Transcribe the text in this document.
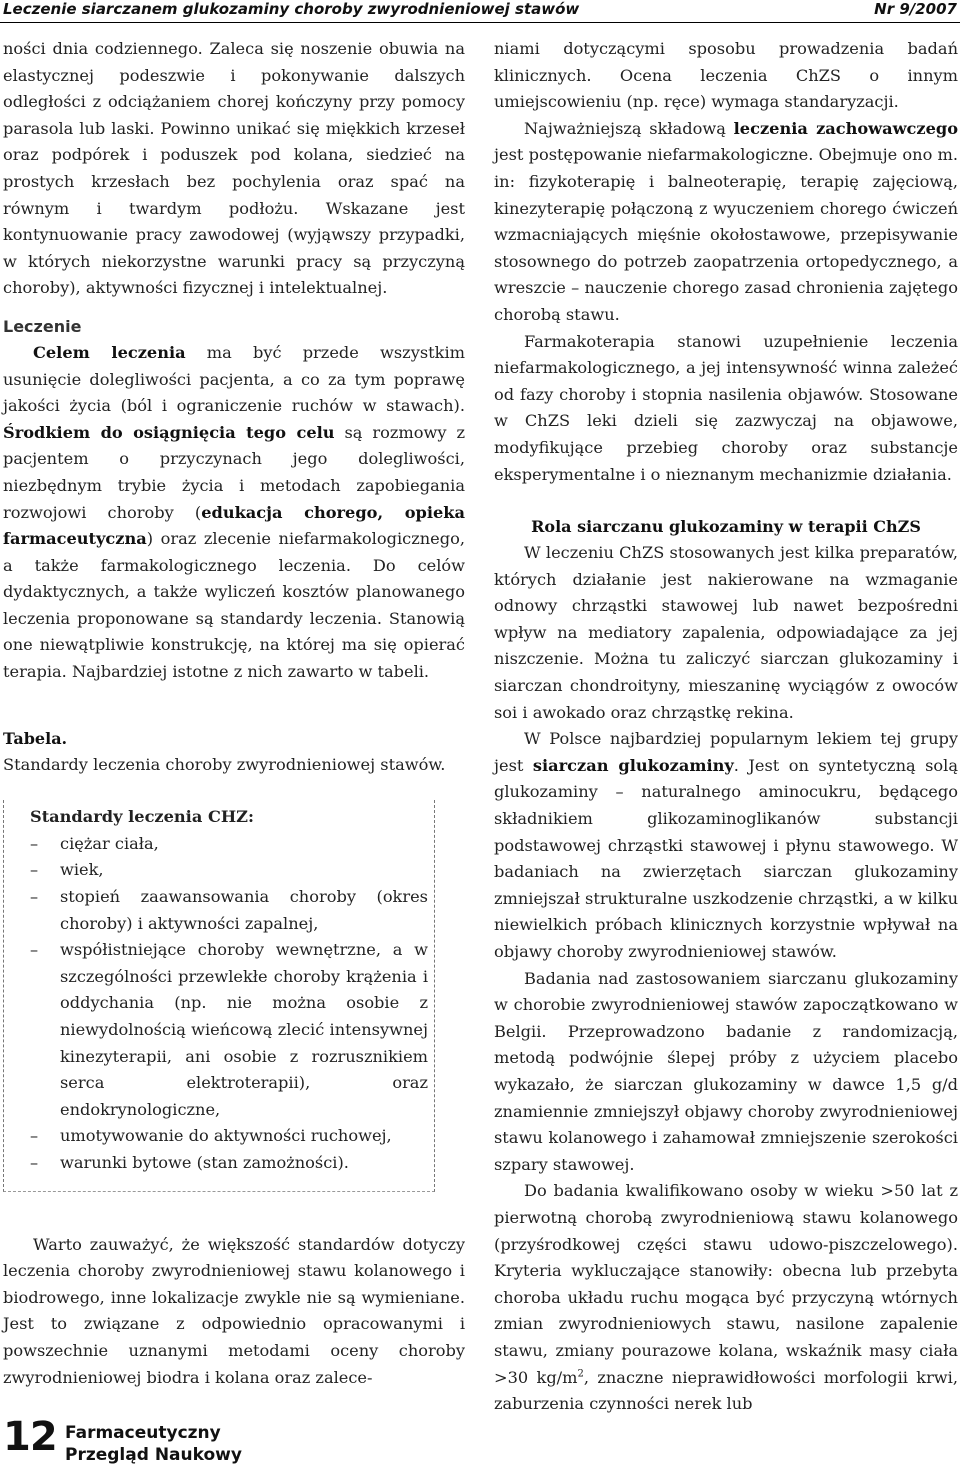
Leczenie siarczanem glukozaminy choroby zwyrodnieniowej stawów	Nr 9/2007

ności dnia codziennego. Zaleca się noszenie obuwia na elastycznej podeszwie i pokonywanie dalszych odległości z odciążaniem chorej kończyny przy pomocy parasola lub laski. Powinno unikać się miękkich krzeseł oraz podpórek i poduszek pod kolana, siedzieć na prostych krzesłach bez pochylenia oraz spać na równym i twardym podłożu. Wskazane jest kontynuowanie pracy zawodowej (wyjąwszy przypadki, w których niekorzystne warunki pracy są przyczyną choroby), aktywności fizycznej i intelektualnej.

Leczenie

Celem leczenia ma być przede wszystkim usunięcie dolegliwości pacjenta, a co za tym poprawę jakości życia (ból i ograniczenie ruchów w stawach). Środkiem do osiągnięcia tego celu są rozmowy z pacjentem o przyczynach jego dolegliwości, niezbędnym trybie życia i metodach zapobiegania rozwojowi choroby (edukacja chorego, opieka farmaceutyczna) oraz zlecenie niefarmakologicznego, a także farmakologicznego leczenia. Do celów dydaktycznych, a także wyliczeń kosztów planowanego leczenia proponowane są standardy leczenia. Stanowią one niewątpliwie konstrukcję, na której ma się opierać terapia. Najbardziej istotne z nich zawarto w tabeli.

Tabela.

Standardy leczenia choroby zwyrodnieniowej stawów.

Standardy leczenia CHZ:
– ciężar ciała,
– wiek,
– stopień zaawansowania choroby (okres choroby) i aktywności zapalnej,
– współistniejące choroby wewnętrzne, a w szczególności przewlekłe choroby krążenia i oddychania (np. nie można osobie z niewydolnością wieńcową zlecić intensywnej kinezyterapii, ani osobie z rozrusznikiem serca elektroterapii), oraz endokrynologiczne,
– umotywowanie do aktywności ruchowej,
– warunki bytowe (stan zamożności).

Warto zauważyć, że większość standardów dotyczy leczenia choroby zwyrodnieniowej stawu kolanowego i biodrowego, inne lokalizacje zwykle nie są wymieniane. Jest to związane z odpowiednio opracowanymi i powszechnie uznanymi metodami oceny choroby zwyrodnieniowej biodra i kolana oraz zalece-

niami dotyczącymi sposobu prowadzenia badań klinicznych. Ocena leczenia ChZS o innym umiejscowieniu (np. ręce) wymaga standaryzacji.

Najważniejszą składową leczenia zachowawczego jest postępowanie niefarmakologiczne. Obejmuje ono m. in: fizykoterapię i balneoterapię, terapię zajęciową, kinezyterapię połączoną z wyuczeniem chorego ćwiczeń wzmacniających mięśnie okołostawowe, przepisywanie stosownego do potrzeb zaopatrzenia ortopedycznego, a wreszcie – nauczenie chorego zasad chronienia zajętego chorobą stawu.

Farmakoterapia stanowi uzupełnienie leczenia niefarmakologicznego, a jej intensywność winna zależeć od fazy choroby i stopnia nasilenia objawów. Stosowane w ChZS leki dzieli się zazwyczaj na objawowe, modyfikujące przebieg choroby oraz substancje eksperymentalne i o nieznanym mechanizmie działania.

Rola siarczanu glukozaminy w terapii ChZS

W leczeniu ChZS stosowanych jest kilka preparatów, których działanie jest nakierowane na wzmaganie odnowy chrząstki stawowej lub nawet bezpośredni wpływ na mediatory zapalenia, odpowiadające za jej niszczenie. Można tu zaliczyć siarczan glukozaminy i siarczan chondroityny, mieszaninę wyciągów z owoców soi i awokado oraz chrząstkę rekina.

W Polsce najbardziej popularnym lekiem tej grupy jest siarczan glukozaminy. Jest on syntetyczną solą glukozaminy – naturalnego aminocukru, będącego składnikiem glikozaminoglikanów substancji podstawowej chrząstki stawowej i płynu stawowego. W badaniach na zwierzętach siarczan glukozaminy zmniejszał strukturalne uszkodzenie chrząstki, a w kilku niewielkich próbach klinicznych korzystnie wpływał na objawy choroby zwyrodnieniowej stawów.

Badania nad zastosowaniem siarczanu glukozaminy w chorobie zwyrodnieniowej stawów zapoczątkowano w Belgii. Przeprowadzono badanie z randomizacją, metodą podwójnie ślepej próby z użyciem placebo wykazało, że siarczan glukozaminy w dawce 1,5 g/d znamiennie zmniejszył objawy choroby zwyrodnieniowej stawu kolanowego i zahamował zmniejszenie szerokości szpary stawowej.

Do badania kwalifikowano osoby w wieku >50 lat z pierwotną chorobą zwyrodnieniową stawu kolanowego (przyśrodkowej części stawu udowo-piszczelowego). Kryteria wykluczające stanowiły: obecna lub przebyta choroba układu ruchu mogąca być przyczyną wtórnych zmian zwyrodnieniowych stawu, nasilone zapalenie stawu, zmiany pourazowe kolana, wskaźnik masy ciała >30 $kg/m^2$, znaczne nieprawidłowości morfologii krwi, zaburzenia czynności nerek lub

12 Farmaceutyczny
Przegląd Naukowy
